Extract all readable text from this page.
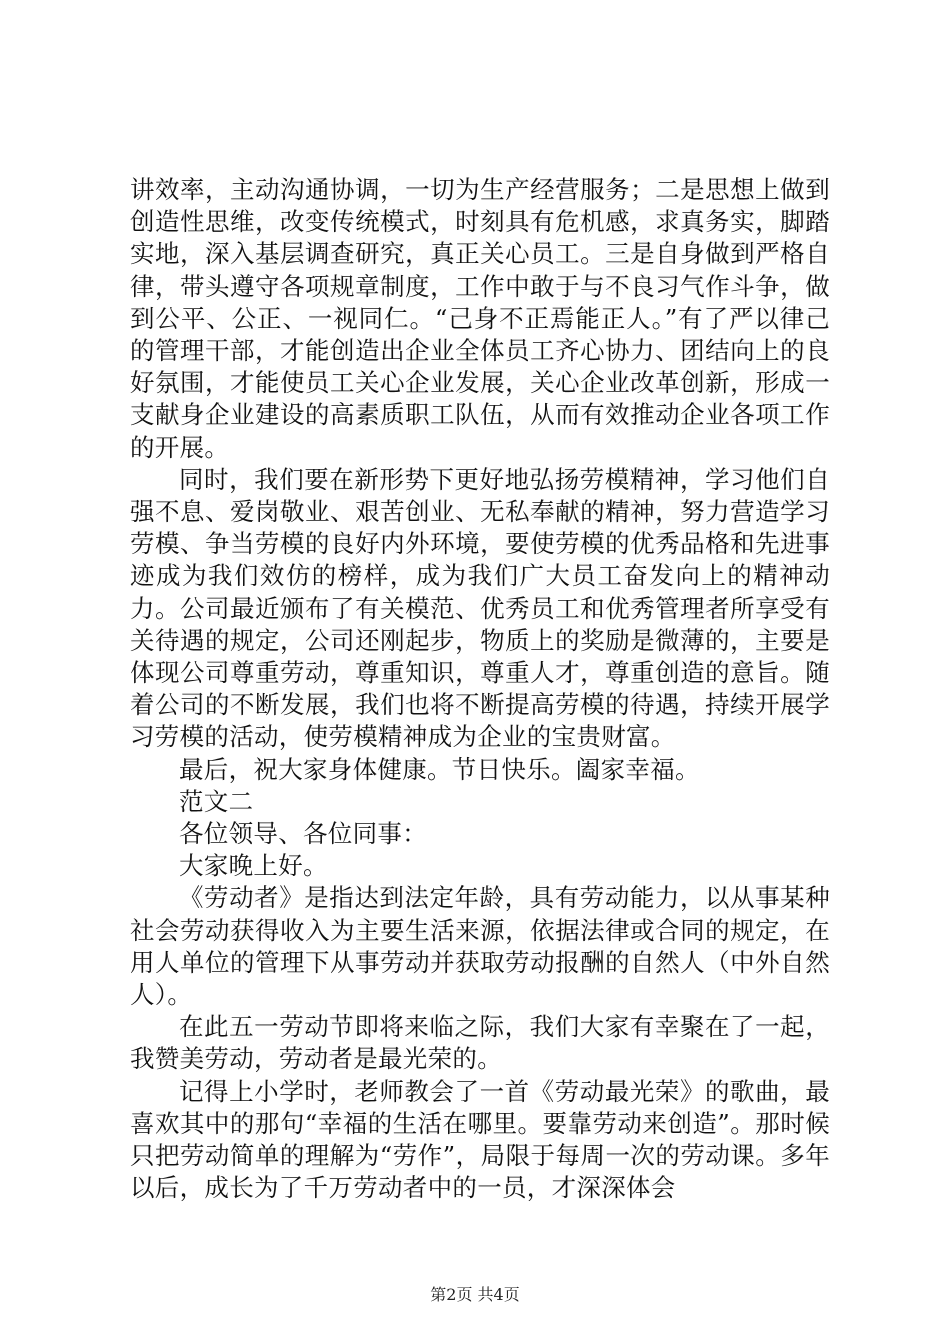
讲效率，主动沟通协调，一切为生产经营服务；二是思想上做到创造性思维，改变传统模式，时刻具有危机感，求真务实，脚踏实地，深入基层调查研究，真正关心员工。三是自身做到严格自律，带头遵守各项规章制度，工作中敢于与不良习气作斗争，做到公平、公正、一视同仁。“己身不正焉能正人。”有了严以律己的管理干部，才能创造出企业全体员工齐心协力、团结向上的良好氛围，才能使员工关心企业发展，关心企业改革创新，形成一支献身企业建设的高素质职工队伍，从而有效推动企业各项工作的开展。

同时，我们要在新形势下更好地弘扬劳模精神，学习他们自强不息、爱岗敬业、艰苦创业、无私奉献的精神，努力营造学习劳模、争当劳模的良好内外环境，要使劳模的优秀品格和先进事迹成为我们效仿的榜样，成为我们广大员工奋发向上的精神动力。公司最近颁布了有关模范、优秀员工和优秀管理者所享受有关待遇的规定，公司还刚起步，物质上的奖励是微薄的，主要是体现公司尊重劳动，尊重知识，尊重人才，尊重创造的意旨。随着公司的不断发展，我们也将不断提高劳模的待遇，持续开展学习劳模的活动，使劳模精神成为企业的宝贵财富。

最后，祝大家身体健康。节日快乐。阖家幸福。

范文二

各位领导、各位同事：

大家晚上好。

《劳动者》是指达到法定年龄，具有劳动能力，以从事某种社会劳动获得收入为主要生活来源，依据法律或合同的规定，在用人单位的管理下从事劳动并获取劳动报酬的自然人（中外自然人）。

在此五一劳动节即将来临之际，我们大家有幸聚在了一起，我赞美劳动，劳动者是最光荣的。

记得上小学时，老师教会了一首《劳动最光荣》的歌曲，最喜欢其中的那句“幸福的生活在哪里。要靠劳动来创造”。那时候只把劳动简单的理解为“劳作”，局限于每周一次的劳动课。多年以后，成长为了千万劳动者中的一员，才深深体会

第2页 共4页
